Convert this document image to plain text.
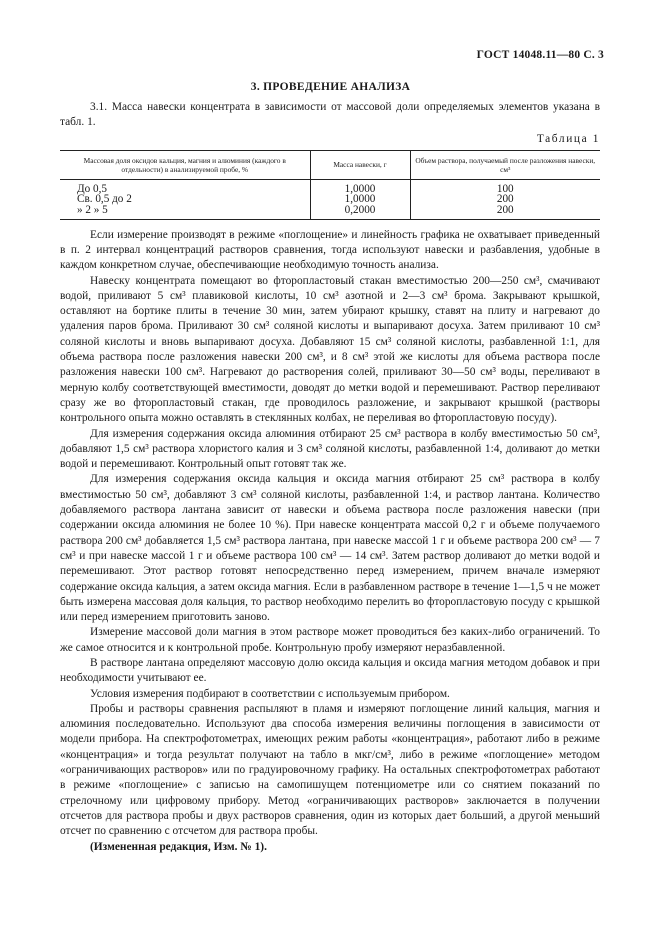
ГОСТ 14048.11—80 С. 3
3. ПРОВЕДЕНИЕ АНАЛИЗА

3.1. Масса навески концентрата в зависимости от массовой доли определяемых элементов указана в табл. 1.

Таблица 1
Массовая доля оксидов кальция, магния и алюминия (каждого в отдельности) в анализируемой пробе, %	Масса навески, г	Объем раствора, получаемый после разложения навески, см³
До 0,5	1,0000	100
Св. 0,5 до 2	1,0000	200
» 2 » 5	0,2000	200

Если измерение производят в режиме «поглощение» и линейность графика не охватывает приведенный в п. 2 интервал концентраций растворов сравнения, тогда используют навески и разбавления, удобные в каждом конкретном случае, обеспечивающие необходимую точность анализа.

Навеску концентрата помещают во фторопластовый стакан вместимостью 200—250 см³, смачивают водой, приливают 5 см³ плавиковой кислоты, 10 см³ азотной и 2—3 см³ брома. Закрывают крышкой, оставляют на бортике плиты в течение 30 мин, затем убирают крышку, ставят на плиту и нагревают до удаления паров брома. Приливают 30 см³ соляной кислоты и выпаривают досуха. Затем приливают 10 см³ соляной кислоты и вновь выпаривают досуха. Добавляют 15 см³ соляной кислоты, разбавленной 1:1, для объема раствора после разложения навески 200 см³, и 8 см³ этой же кислоты для объема раствора после разложения навески 100 см³. Нагревают до растворения солей, приливают 30—50 см³ воды, переливают в мерную колбу соответствующей вместимости, доводят до метки водой и перемешивают. Раствор переливают сразу же во фторопластовый стакан, где проводилось разложение, и закрывают крышкой (растворы контрольного опыта можно оставлять в стеклянных колбах, не переливая во фторопластовую посуду).

Для измерения содержания оксида алюминия отбирают 25 см³ раствора в колбу вместимостью 50 см³, добавляют 1,5 см³ раствора хлористого калия и 3 см³ соляной кислоты, разбавленной 1:4, доливают до метки водой и перемешивают. Контрольный опыт готовят так же.

Для измерения содержания оксида кальция и оксида магния отбирают 25 см³ раствора в колбу вместимостью 50 см³, добавляют 3 см³ соляной кислоты, разбавленной 1:4, и раствор лантана. Количество добавляемого раствора лантана зависит от навески и объема раствора после разложения навески (при содержании оксида алюминия не более 10 %). При навеске концентрата массой 0,2 г и объеме получаемого раствора 200 см³ добавляется 1,5 см³ раствора лантана, при навеске массой 1 г и объеме раствора 200 см³ — 7 см³ и при навеске массой 1 г и объеме раствора 100 см³ — 14 см³. Затем раствор доливают до метки водой и перемешивают. Этот раствор готовят непосредственно перед измерением, причем вначале измеряют содержание оксида кальция, а затем оксида магния. Если в разбавленном растворе в течение 1—1,5 ч не может быть измерена массовая доля кальция, то раствор необходимо перелить во фторопластовую посуду с крышкой или перед измерением приготовить заново.

Измерение массовой доли магния в этом растворе может проводиться без каких-либо ограничений. То же самое относится и к контрольной пробе. Контрольную пробу измеряют неразбавленной.

В растворе лантана определяют массовую долю оксида кальция и оксида магния методом добавок и при необходимости учитывают ее.

Условия измерения подбирают в соответствии с используемым прибором.

Пробы и растворы сравнения распыляют в пламя и измеряют поглощение линий кальция, магния и алюминия последовательно. Используют два способа измерения величины поглощения в зависимости от модели прибора. На спектрофотометрах, имеющих режим работы «концентрация», работают либо в режиме «концентрация» и тогда результат получают на табло в мкг/см³, либо в режиме «поглощение» методом «ограничивающих растворов» или по градуировочному графику. На остальных спектрофотометрах работают в режиме «поглощение» с записью на самопишущем потенциометре или со снятием показаний по стрелочному или цифровому прибору. Метод «ограничивающих растворов» заключается в получении отсчетов для раствора пробы и двух растворов сравнения, один из которых дает больший, а другой меньший отсчет по сравнению с отсчетом для раствора пробы.

(Измененная редакция, Изм. № 1).
